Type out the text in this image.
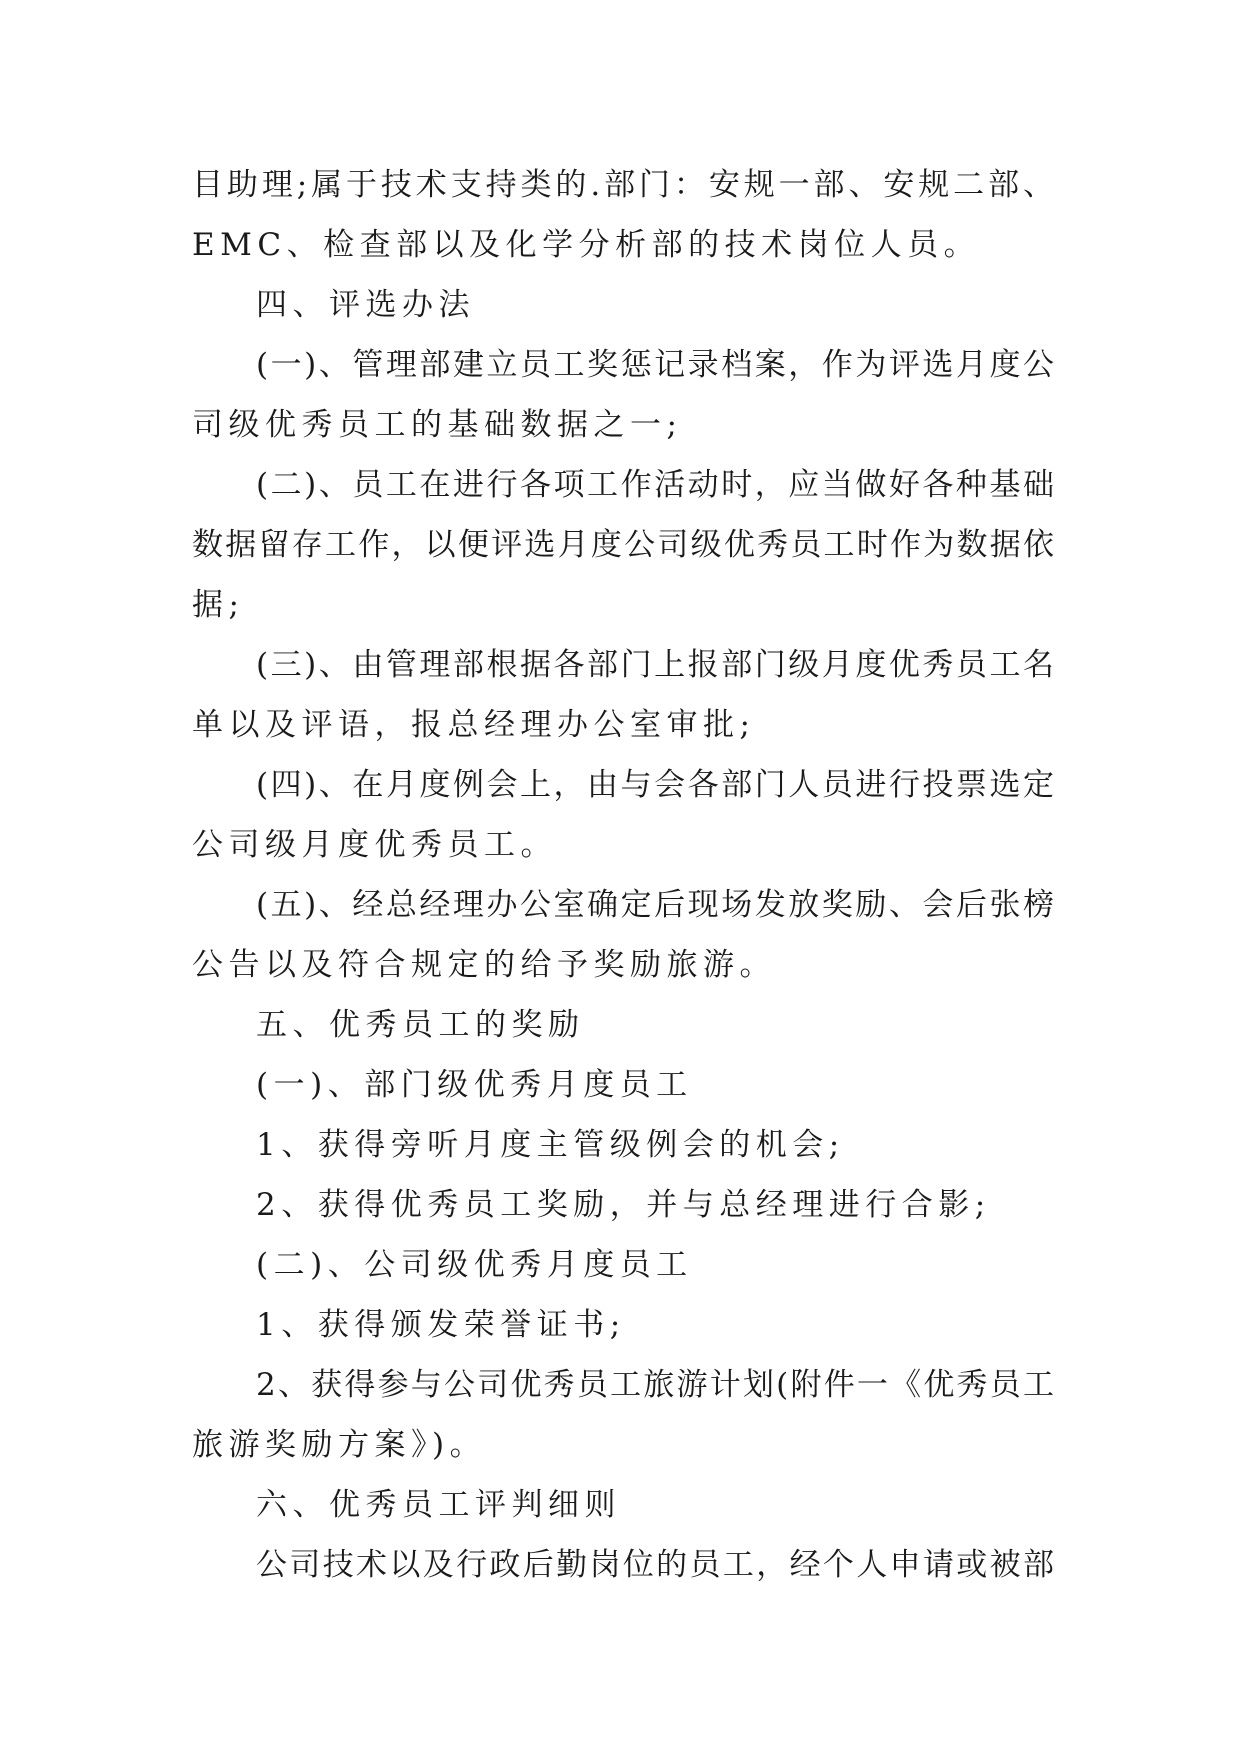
目助理;属于技术支持类的.部门：安规一部、安规二部、
EMC、检查部以及化学分析部的技术岗位人员。
四、评选办法
(一)、管理部建立员工奖惩记录档案，作为评选月度公
司级优秀员工的基础数据之一;
(二)、员工在进行各项工作活动时，应当做好各种基础
数据留存工作，以便评选月度公司级优秀员工时作为数据依
据;
(三)、由管理部根据各部门上报部门级月度优秀员工名
单以及评语，报总经理办公室审批;
(四)、在月度例会上，由与会各部门人员进行投票选定
公司级月度优秀员工。
(五)、经总经理办公室确定后现场发放奖励、会后张榜
公告以及符合规定的给予奖励旅游。
五、优秀员工的奖励
(一)、部门级优秀月度员工
1、获得旁听月度主管级例会的机会;
2、获得优秀员工奖励，并与总经理进行合影;
(二)、公司级优秀月度员工
1、获得颁发荣誉证书;
2、获得参与公司优秀员工旅游计划(附件一《优秀员工
旅游奖励方案》)。
六、优秀员工评判细则
公司技术以及行政后勤岗位的员工，经个人申请或被部
